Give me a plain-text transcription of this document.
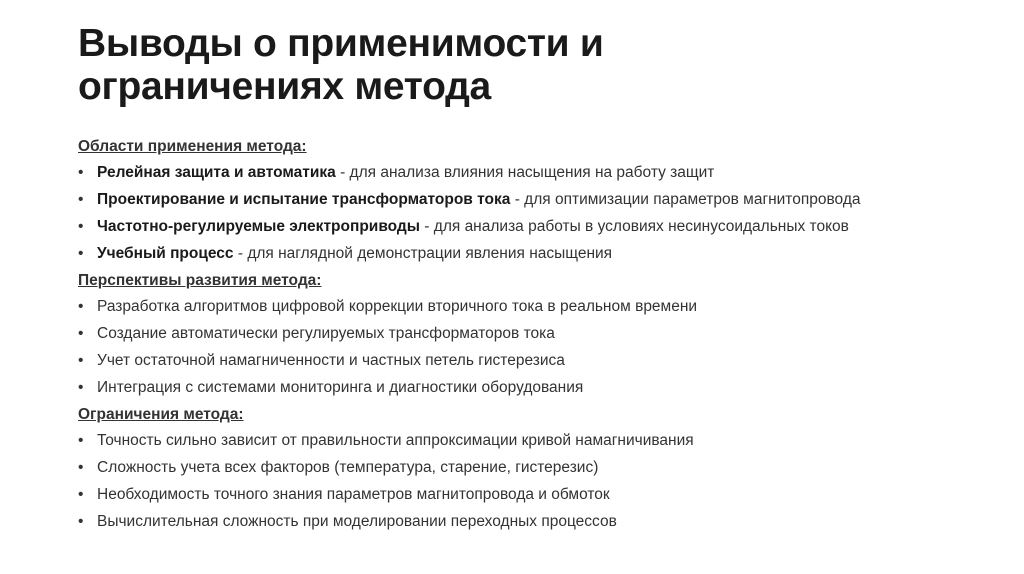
Выводы о применимости и
ограничениях метода
Области применения метода:
• Релейная защита и автоматика - для анализа влияния насыщения на работу защит
• Проектирование и испытание трансформаторов тока - для оптимизации параметров магнитопровода
• Частотно-регулируемые электроприводы - для анализа работы в условиях несинусоидальных токов
• Учебный процесс - для наглядной демонстрации явления насыщения
Перспективы развития метода:
• Разработка алгоритмов цифровой коррекции вторичного тока в реальном времени
• Создание автоматически регулируемых трансформаторов тока
• Учет остаточной намагниченности и частных петель гистерезиса
• Интеграция с системами мониторинга и диагностики оборудования
Ограничения метода:
• Точность сильно зависит от правильности аппроксимации кривой намагничивания
• Сложность учета всех факторов (температура, старение, гистерезис)
• Необходимость точного знания параметров магнитопровода и обмоток
• Вычислительная сложность при моделировании переходных процессов
